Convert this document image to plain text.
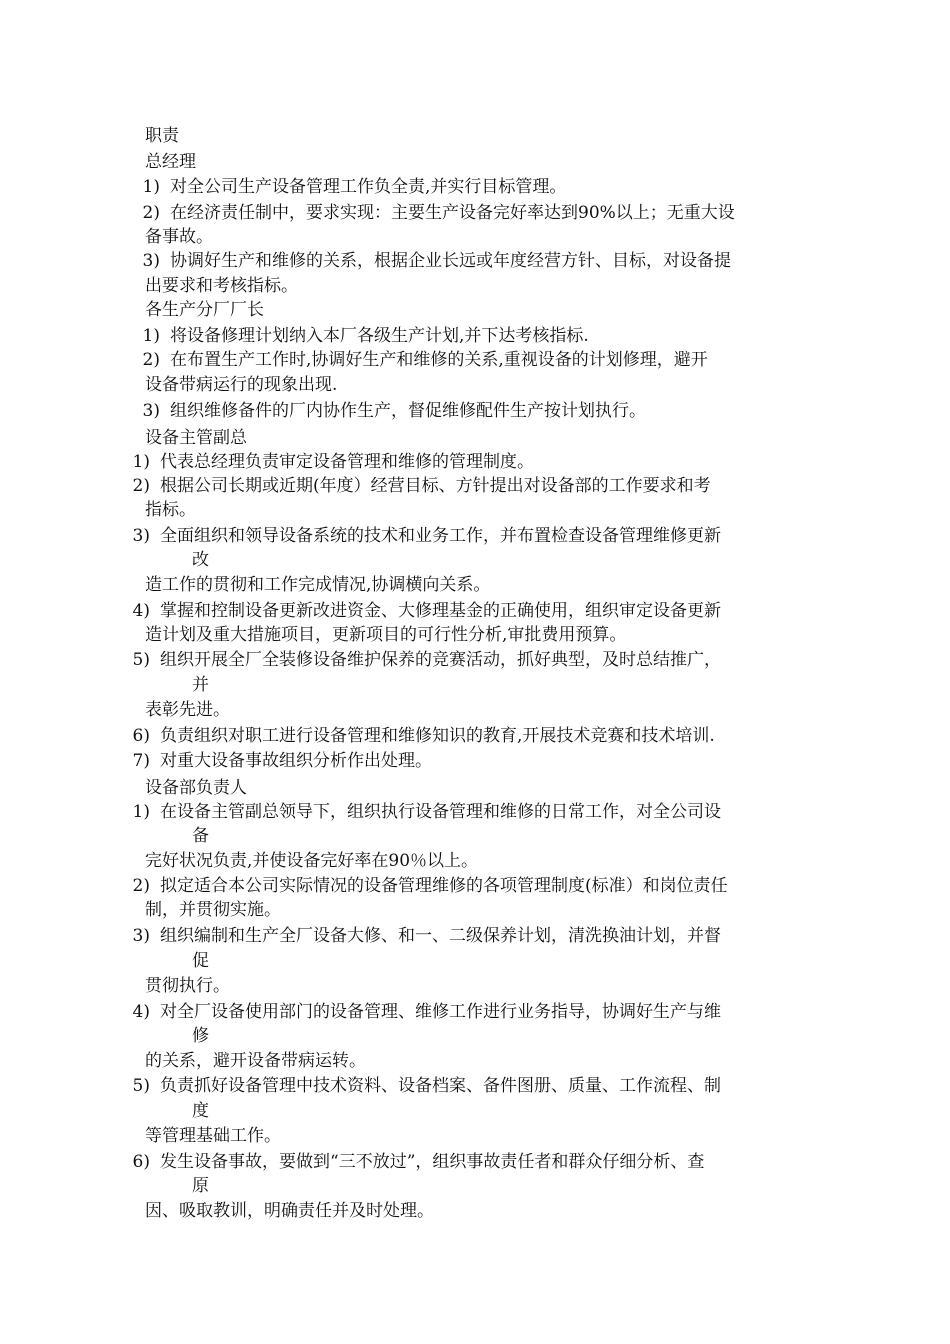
职责
总经理
1) 对全公司生产设备管理工作负全责,并实行目标管理。
2) 在经济责任制中，要求实现：主要生产设备完好率达到90%以上；无重大设
备事故。
3) 协调好生产和维修的关系，根据企业长远或年度经营方针、目标，对设备提
出要求和考核指标。
各生产分厂厂长
1) 将设备修理计划纳入本厂各级生产计划,并下达考核指标.
2) 在布置生产工作时,协调好生产和维修的关系,重视设备的计划修理，避开
设备带病运行的现象出现.
3) 组织维修备件的厂内协作生产，督促维修配件生产按计划执行。
设备主管副总
1) 代表总经理负责审定设备管理和维修的管理制度。
2) 根据公司长期或近期(年度）经营目标、方针提出对设备部的工作要求和考
指标。
3) 全面组织和领导设备系统的技术和业务工作，并布置检查设备管理维修更新
改
造工作的贯彻和工作完成情况,协调横向关系。
4) 掌握和控制设备更新改进资金、大修理基金的正确使用，组织审定设备更新
造计划及重大措施项目，更新项目的可行性分析,审批费用预算。
5) 组织开展全厂全装修设备维护保养的竞赛活动，抓好典型，及时总结推广，
并
表彰先进。
6) 负责组织对职工进行设备管理和维修知识的教育,开展技术竞赛和技术培训.
7) 对重大设备事故组织分析作出处理。
设备部负责人
1) 在设备主管副总领导下，组织执行设备管理和维修的日常工作，对全公司设
备
完好状况负责,并使设备完好率在90％以上。
2) 拟定适合本公司实际情况的设备管理维修的各项管理制度(标准）和岗位责任
制，并贯彻实施。
3) 组织编制和生产全厂设备大修、和一、二级保养计划，清洗换油计划，并督
促
贯彻执行。
4) 对全厂设备使用部门的设备管理、维修工作进行业务指导，协调好生产与维
修
的关系，避开设备带病运转。
5) 负责抓好设备管理中技术资料、设备档案、备件图册、质量、工作流程、制
度
等管理基础工作。
6) 发生设备事故，要做到“三不放过”，组织事故责任者和群众仔细分析、查
原
因、吸取教训，明确责任并及时处理。
